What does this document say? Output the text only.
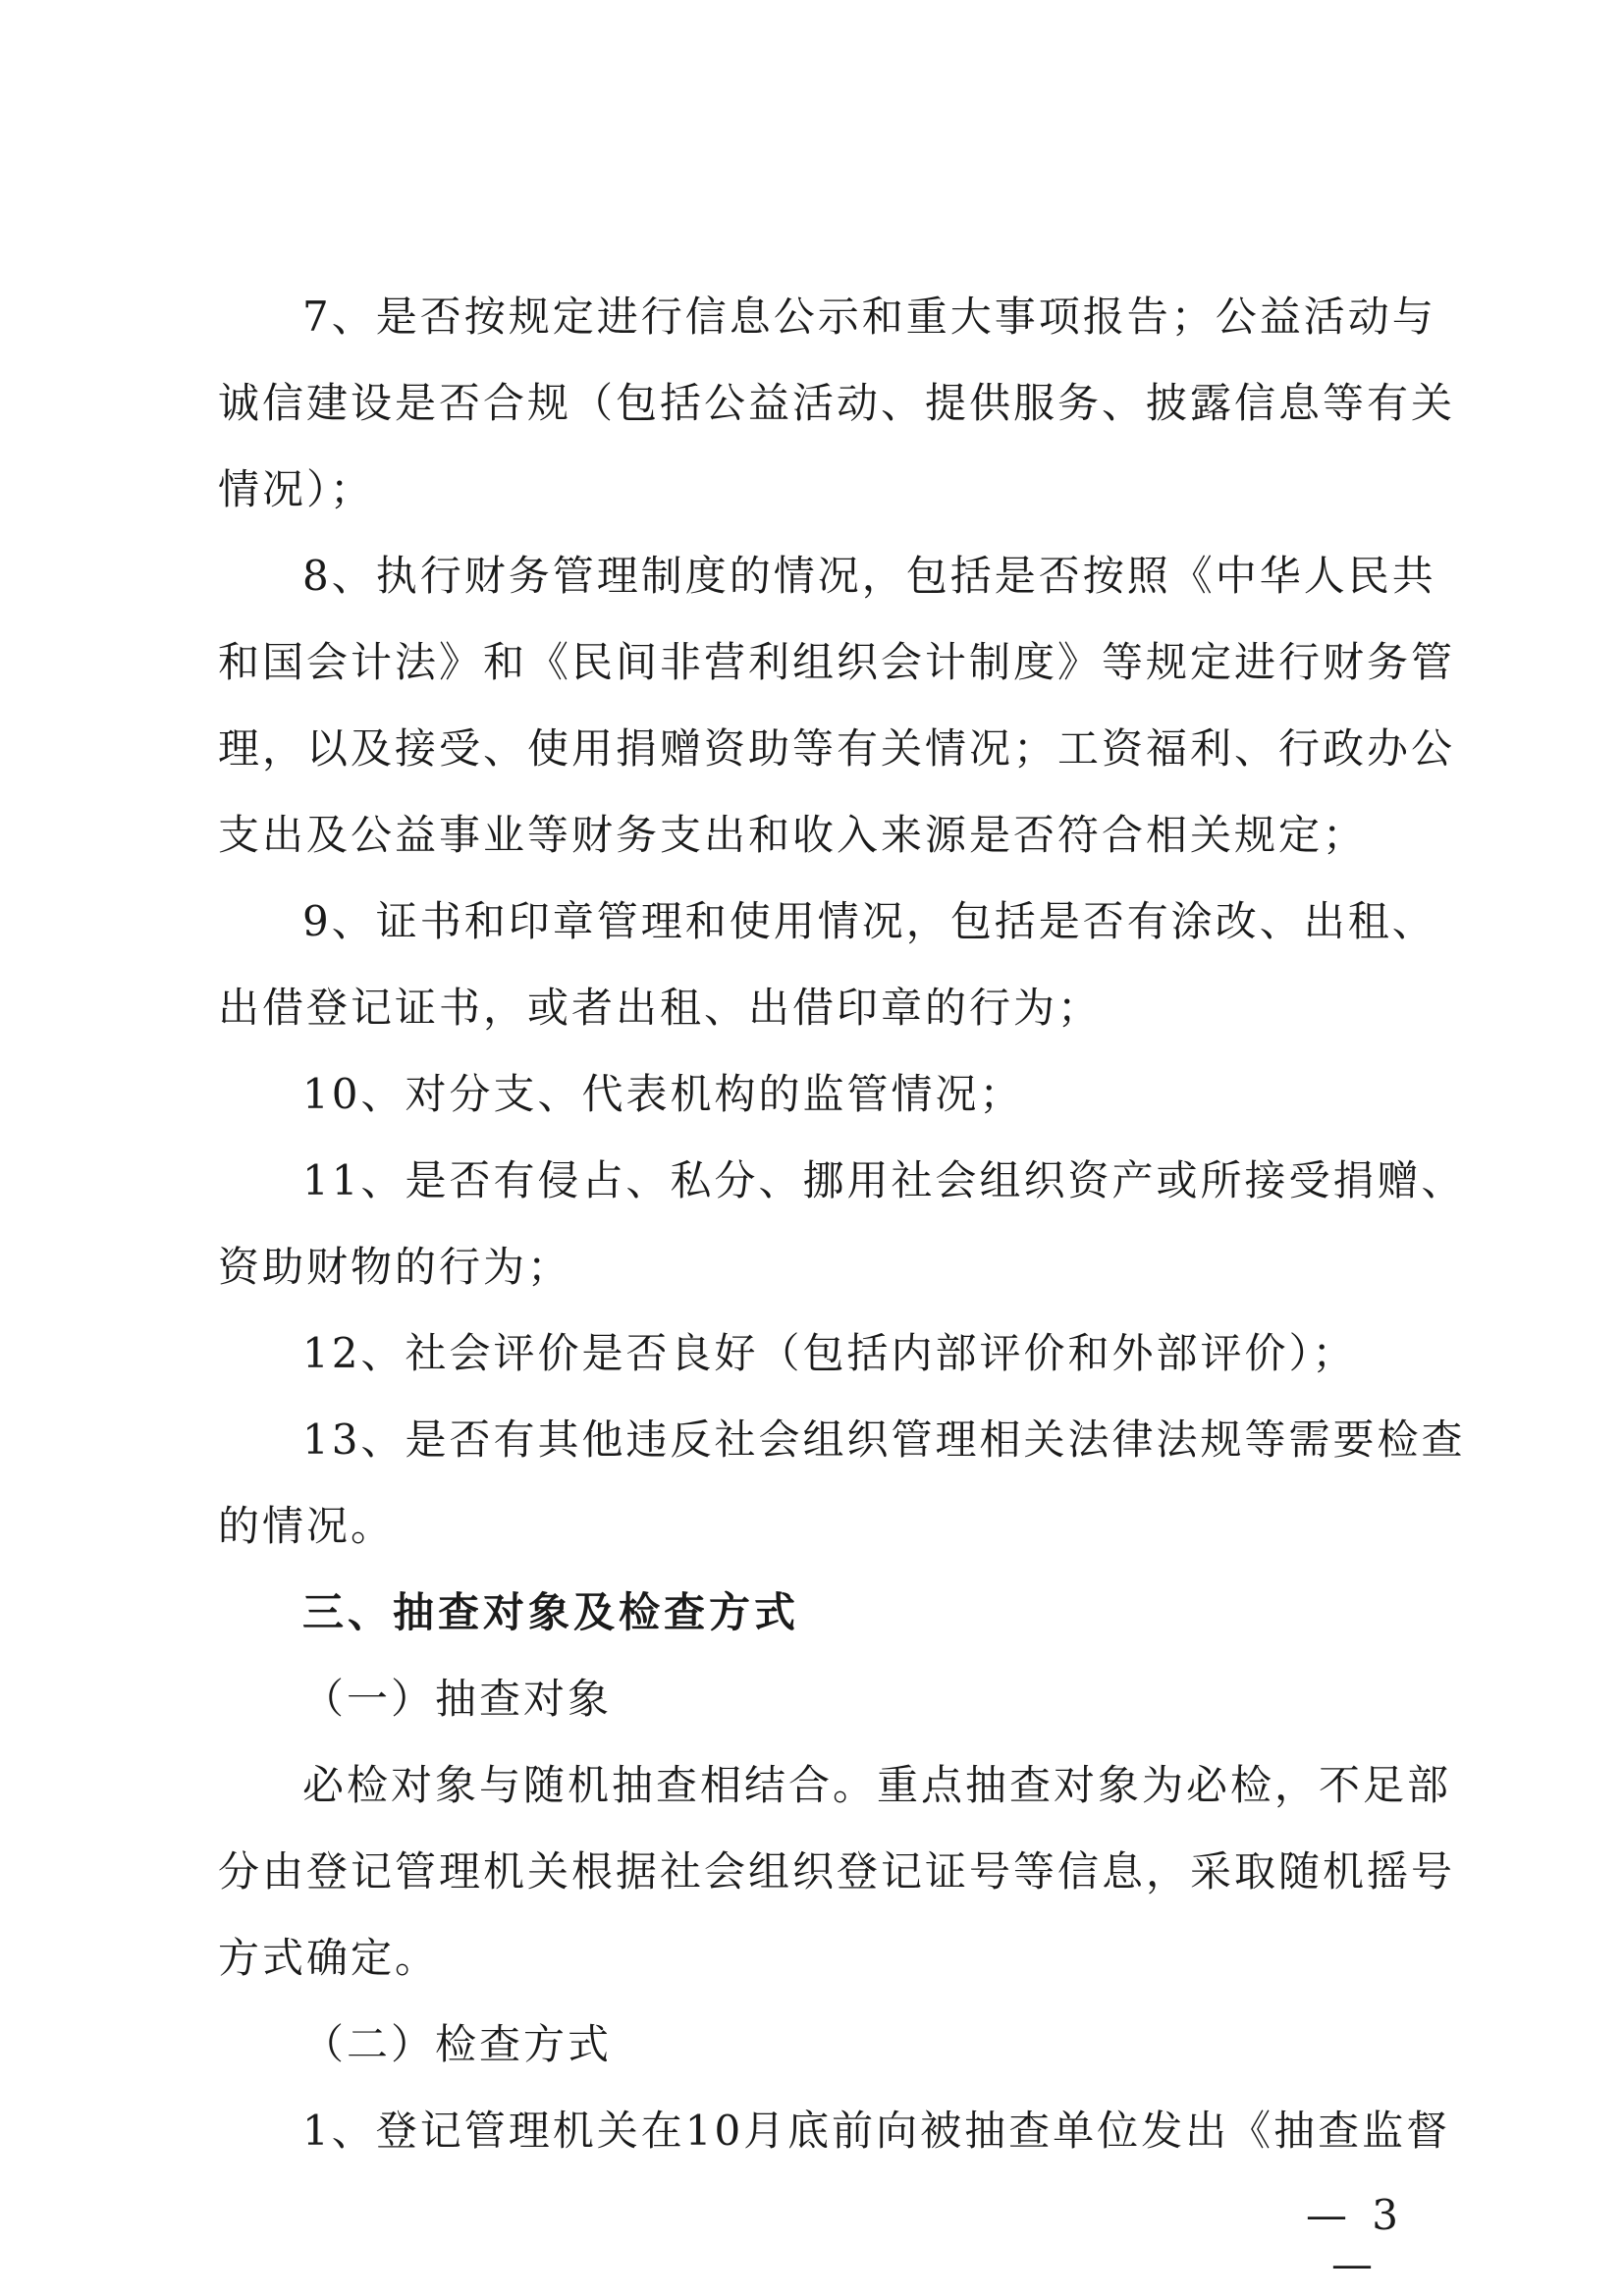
7、是否按规定进行信息公示和重大事项报告；公益活动与
诚信建设是否合规（包括公益活动、提供服务、披露信息等有关
情况）；
8、执行财务管理制度的情况，包括是否按照《中华人民共
和国会计法》和《民间非营利组织会计制度》等规定进行财务管
理，以及接受、使用捐赠资助等有关情况；工资福利、行政办公
支出及公益事业等财务支出和收入来源是否符合相关规定；
9、证书和印章管理和使用情况，包括是否有涂改、出租、
出借登记证书，或者出租、出借印章的行为；
10、对分支、代表机构的监管情况；
11、是否有侵占、私分、挪用社会组织资产或所接受捐赠、
资助财物的行为；
12、社会评价是否良好（包括内部评价和外部评价）；
13、是否有其他违反社会组织管理相关法律法规等需要检查
的情况。
三、抽查对象及检查方式
（一）抽查对象
必检对象与随机抽查相结合。重点抽查对象为必检，不足部
分由登记管理机关根据社会组织登记证号等信息，采取随机摇号
方式确定。
（二）检查方式
1、登记管理机关在10月底前向被抽查单位发出《抽查监督
— 3 —
